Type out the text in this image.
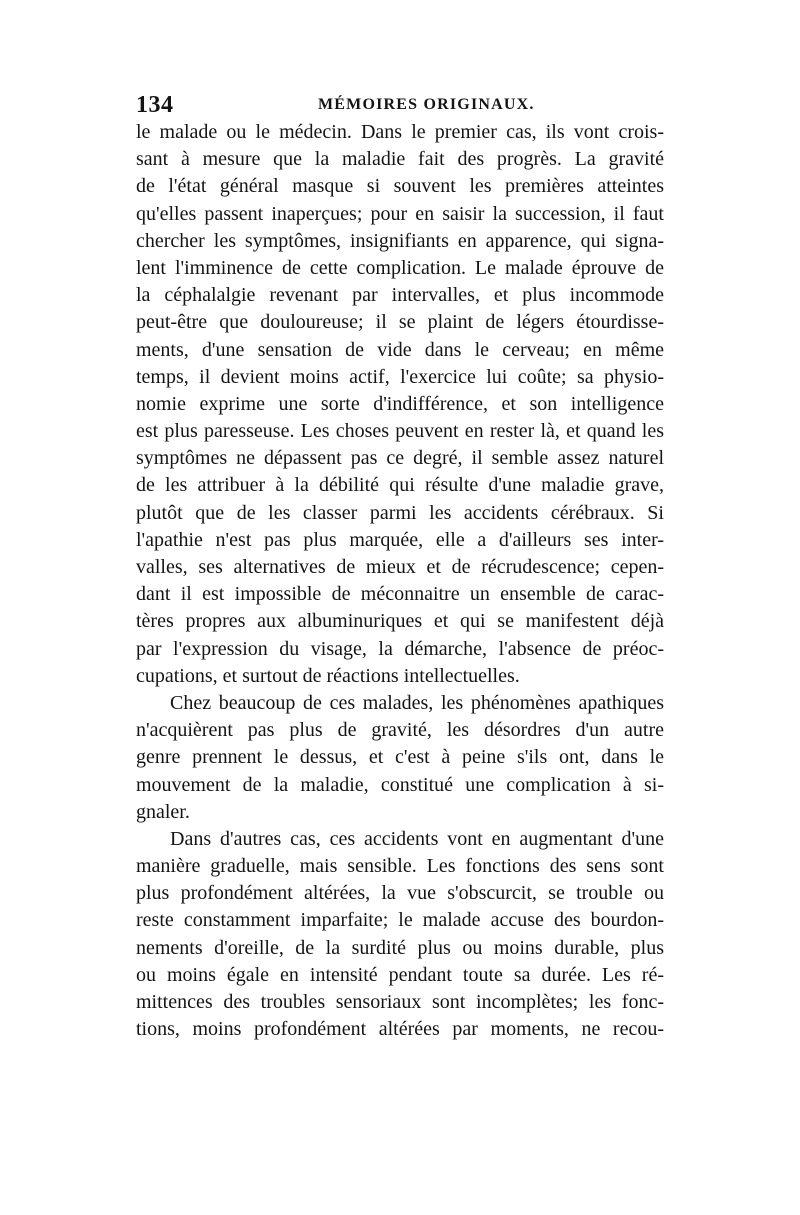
134	MÉMOIRES ORIGINAUX.
le malade ou le médecin. Dans le premier cas, ils vont crois-
sant à mesure que la maladie fait des progrès. La gravité
de l'état général masque si souvent les premières atteintes
qu'elles passent inaperçues; pour en saisir la succession, il faut
chercher les symptômes, insignifiants en apparence, qui signa-
lent l'imminence de cette complication. Le malade éprouve de
la céphalalgie revenant par intervalles, et plus incommode
peut-être que douloureuse; il se plaint de légers étourdisse-
ments, d'une sensation de vide dans le cerveau; en même
temps, il devient moins actif, l'exercice lui coûte; sa physio-
nomie exprime une sorte d'indifférence, et son intelligence
est plus paresseuse. Les choses peuvent en rester là, et quand les
symptômes ne dépassent pas ce degré, il semble assez naturel
de les attribuer à la débilité qui résulte d'une maladie grave,
plutôt que de les classer parmi les accidents cérébraux. Si
l'apathie n'est pas plus marquée, elle a d'ailleurs ses inter-
valles, ses alternatives de mieux et de récrudescence; cepen-
dant il est impossible de méconnaitre un ensemble de carac-
tères propres aux albuminuriques et qui se manifestent déjà
par l'expression du visage, la démarche, l'absence de préoc-
cupations, et surtout de réactions intellectuelles.
Chez beaucoup de ces malades, les phénomènes apathiques
n'acquièrent pas plus de gravité, les désordres d'un autre
genre prennent le dessus, et c'est à peine s'ils ont, dans le
mouvement de la maladie, constitué une complication à si-
gnaler.
Dans d'autres cas, ces accidents vont en augmentant d'une
manière graduelle, mais sensible. Les fonctions des sens sont
plus profondément altérées, la vue s'obscurcit, se trouble ou
reste constamment imparfaite; le malade accuse des bourdon-
nements d'oreille, de la surdité plus ou moins durable, plus
ou moins égale en intensité pendant toute sa durée. Les ré-
mittences des troubles sensoriaux sont incomplètes; les fonc-
tions, moins profondément altérées par moments, ne recou-
